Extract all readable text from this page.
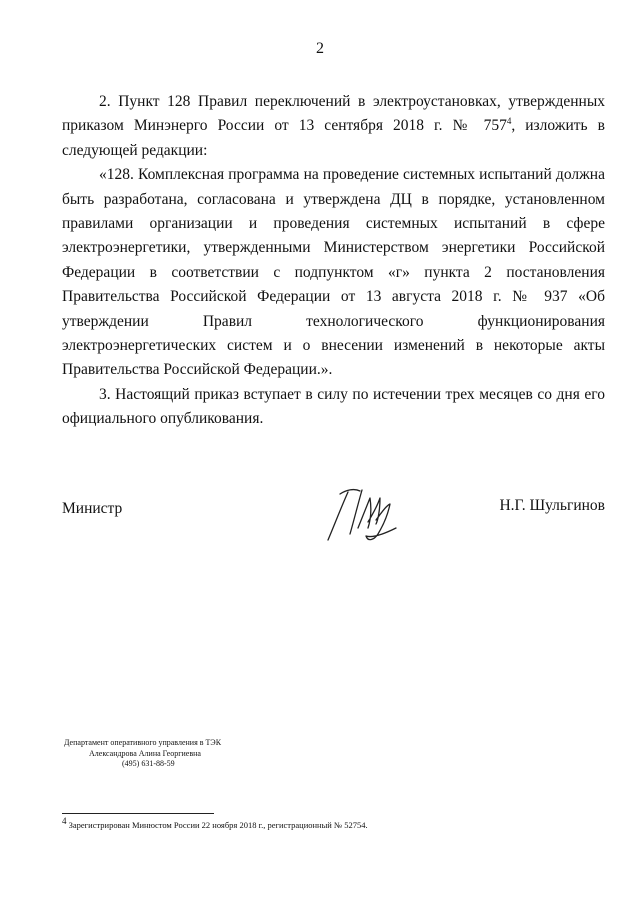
2

2. Пункт 128 Правил переключений в электроустановках, утвержденных приказом Минэнерго России от 13 сентября 2018 г. № $757^4$, изложить в следующей редакции:

«128. Комплексная программа на проведение системных испытаний должна быть разработана, согласована и утверждена ДЦ в порядке, установленном правилами организации и проведения системных испытаний в сфере электроэнергетики, утвержденными Министерством энергетики Российской Федерации в соответствии с подпунктом «г» пункта 2 постановления Правительства Российской Федерации от 13 августа 2018 г. № 937 «Об утверждении Правил технологического функционирования электроэнергетических систем и о внесении изменений в некоторые акты Правительства Российской Федерации.».

3. Настоящий приказ вступает в силу по истечении трех месяцев со дня его официального опубликования.

Министр	Н.Г. Шульгинов
Департамент оперативного управления в ТЭК
Александрова Алина Георгиевна
(495) 631-88-59
$^4$ Зарегистрирован Минюстом России 22 ноября 2018 г., регистрационный № 52754.
